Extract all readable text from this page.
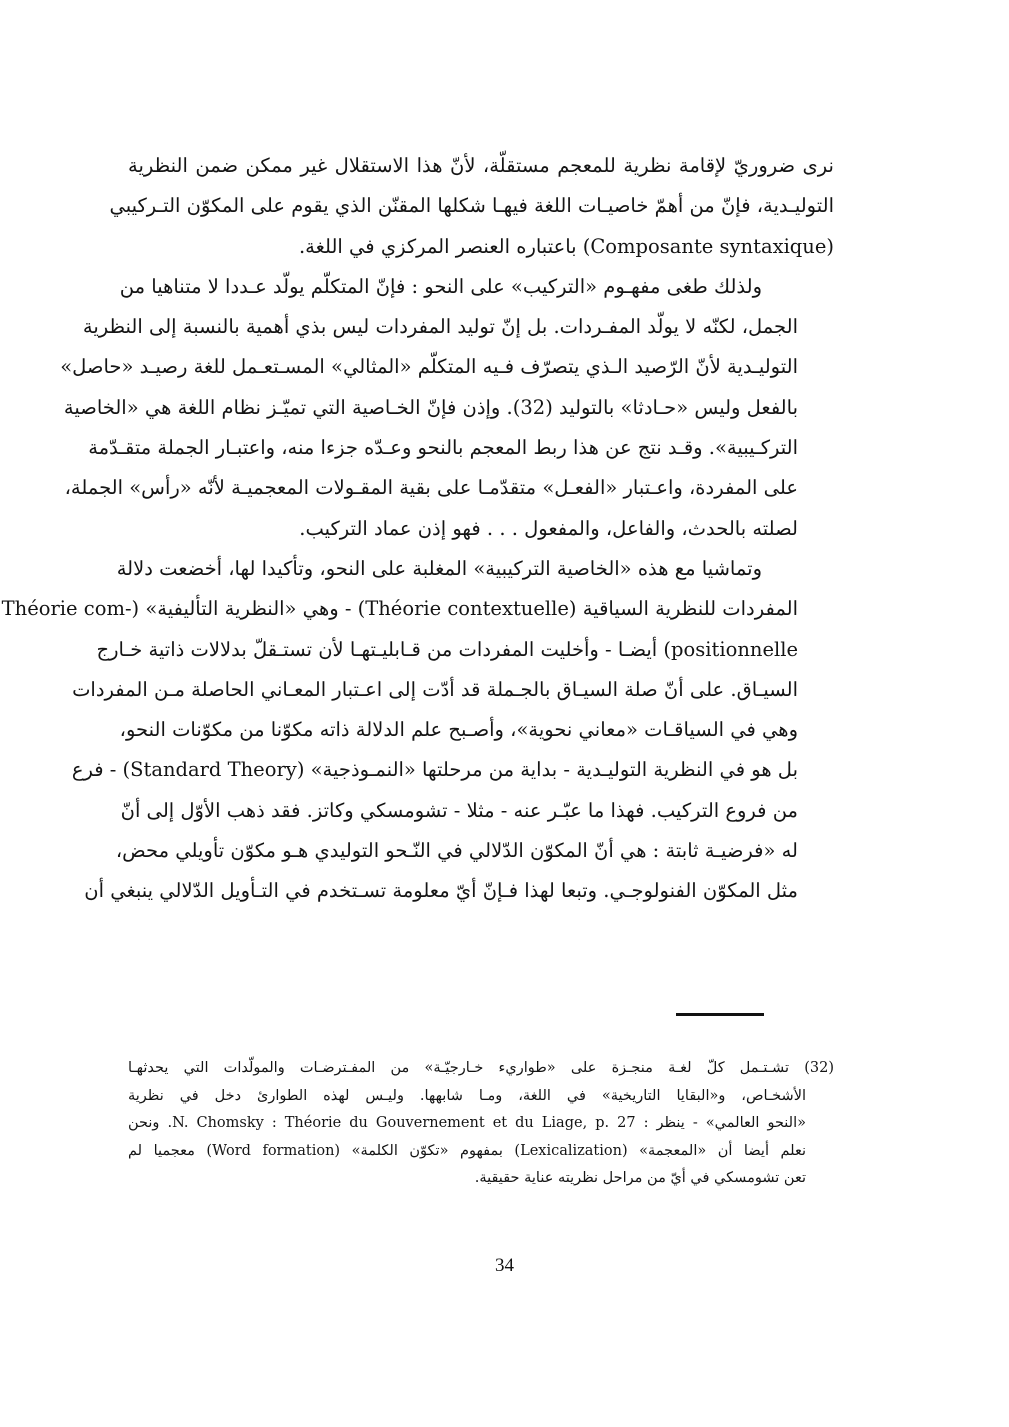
نرى ضروريّ لإقامة نظرية للمعجم مستقلّة، لأنّ هذا الاستقلال غير ممكن ضمن النظرية
التوليـدية، فإنّ من أهمّ خاصيـات اللغة فيهـا شكلها المقنّن الذي يقوم على المكوّن التـركيبي
(Composante syntaxique) باعتباره العنصر المركزي في اللغة.

ولذلك طغى مفهـوم «التركيب» على النحو : فإنّ المتكلّم يولّد عـددا لا متناهيا من
الجمل، لكنّه لا يولّد المفـردات. بل إنّ توليد المفردات ليس بذي أهمية بالنسبة إلى النظرية
التوليـدية لأنّ الرّصيد الـذي يتصرّف فـيه المتكلّم «المثالي» المسـتعـمل للغة رصيـد «حاصل»
بالفعل وليس «حـادثا» بالتوليد (32). وإذن فإنّ الخـاصية التي تميّـز نظام اللغة هي «الخاصية
التركـيبية». وقـد نتج عن هذا ربط المعجم بالنحو وعـدّه جزءا منه، واعتبـار الجملة متقـدّمة
على المفردة، واعـتبار «الفعـل» متقدّمـا على بقية المقـولات المعجميـة لأنّه «رأس» الجملة،
لصلته بالحدث، والفاعل، والمفعول . . . فهو إذن عماد التركيب.

وتماشيا مع هذه «الخاصية التركيبية» المغلبة على النحو، وتأكيدا لها، أخضعت دلالة
المفردات للنظرية السياقية (Théorie contextuelle) - وهي «النظرية التأليفية» (-Théorie com
positionnelle) أيضـا - وأخليت المفردات من قـابليـتهـا لأن تستـقلّ بدلالات ذاتية خـارج
السيـاق. على أنّ صلة السيـاق بالجـملة قد أدّت إلى اعـتبار المعـاني الحاصلة مـن المفردات
وهي في السياقـات «معاني نحوية»، وأصـبح علم الدلالة ذاته مكوّنا من مكوّنات النحو،
بل هو في النظرية التوليـدية - بداية من مرحلتها «النمـوذجية» (Standard Theory) - فرع
من فروع التركيب. فهذا ما عبّـر عنه - مثلا - تشومسكي وكاتز. فقد ذهب الأوّل إلى أنّ
له «فرضيـة ثابتة : هي أنّ المكوّن الدّلالي في النّـحو التوليدي هـو مكوّن تأويلي محض،
مثل المكوّن الفنولوجـي. وتبعا لهذا فـإنّ أيّ معلومة تسـتخدم في التـأويل الدّلالي ينبغي أن

(32) تشـتـمل كلّ لغـة منجـزة على «طواريء خـارجيّـة» من المفـترضـات والمولّدات التي يحدثهـا
الأشخـاص، و«البقايا التاريخية» في اللغة، ومـا شابهها. وليـس لهذه الطوارئ دخل في نظرية
«النحو العالمي» - ينظر : N. Chomsky : Théorie du Gouvernement et du Liage, p. 27. ونحن
نعلم أيضا أن «المعجمة» (Lexicalization) بمفهوم «تكوّن الكلمة» (Word formation) معجميا لم
تعن تشومسكي في أيّ من مراحل نظريته عناية حقيقية.
34
